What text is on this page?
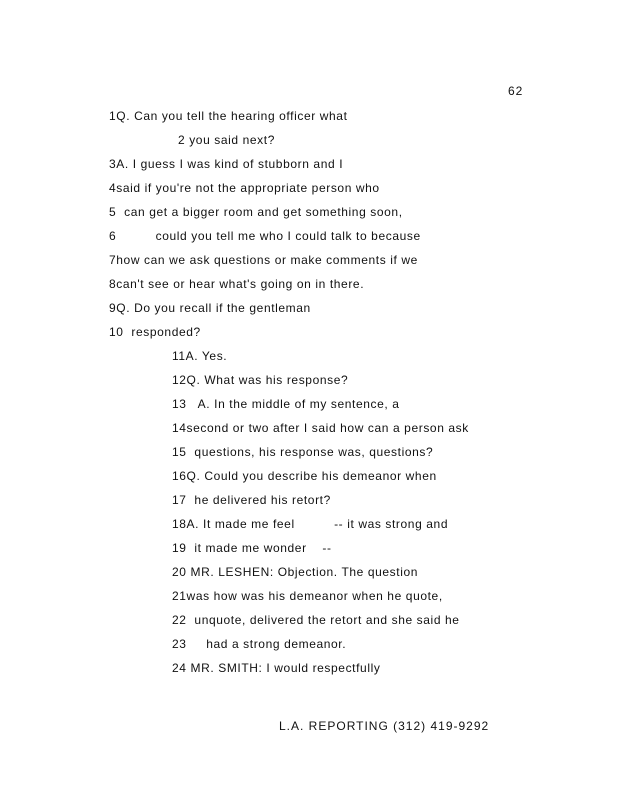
62
1Q. Can you tell the hearing officer what
2 you said next?
3A. I guess I was kind of stubborn and I
4said if you're not the appropriate person who
5  can get a bigger room and get something soon,
6          could you tell me who I could talk to because
7how can we ask questions or make comments if we
8can't see or hear what's going on in there.
9Q. Do you recall if the gentleman
10  responded?
11A. Yes.
12Q. What was his response?
13   A. In the middle of my sentence, a
14second or two after I said how can a person ask
15  questions, his response was, questions?
16Q. Could you describe his demeanor when
17  he delivered his retort?
18A. It made me feel          -- it was strong and
19  it made me wonder    --
20 MR. LESHEN: Objection. The question
21was how was his demeanor when he quote,
22  unquote, delivered the retort and she said he
23     had a strong demeanor.
24 MR. SMITH: I would respectfully
L.A. REPORTING (312) 419-9292
